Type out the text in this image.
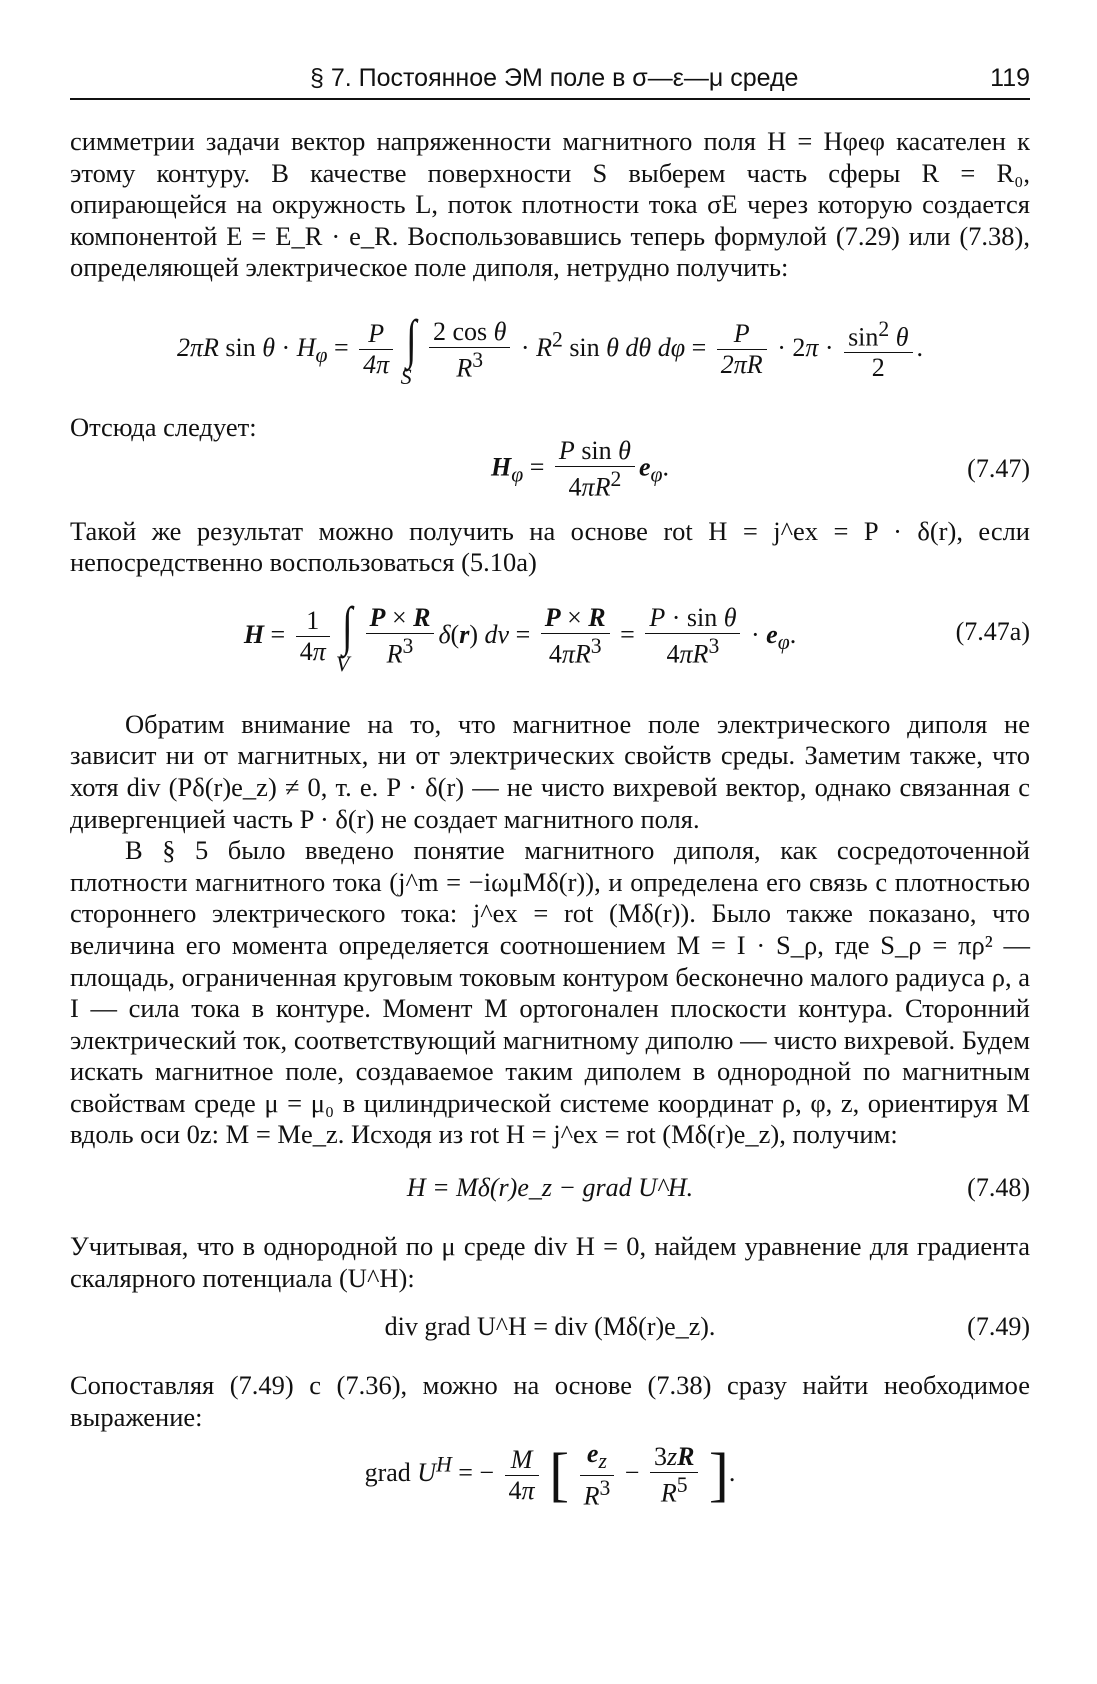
§ 7. Постоянное ЭМ поле в σ—ε—μ среде	119

симметрии задачи вектор напряженности магнитного поля H = Hφeφ касателен к этому контуру. В качестве поверхности S выберем часть сферы R = R₀, опирающейся на окружность L, поток плотности тока σE через которую создается компонентой E = E_R · e_R. Воспользовавшись теперь формулой (7.29) или (7.38), определяющей электрическое поле диполя, нетрудно получить:

2πR $\sin \theta \cdot H_\varphi = \frac{P}{4\pi}$
∫
S
$\frac{\text{2 cos θ}}{R^3} \cdot R^2$ sin θ dθ $d\varphi = \frac{P}{2\pi R} \cdot 2\pi \cdot \frac{\sin^2 \theta}{2}$ .

Отсюда следует:

$H_\varphi = \frac{\text{P sin θ}}{4\pi R^2} e_\varphi$.	(7.47)

Такой же результат можно получить на основе rot H = j^ex = P · δ(r), если непосредственно воспользоваться (5.10а)

$H = \frac{1}{4\pi}$
∫
V
$\frac{P \times R}{R^3} \delta(r)$ dv = $\frac{P \times R}{4\pi R^3} = \frac{\text{P · sin θ}}{4\pi R^3} \cdot e_\varphi$.	(7.47a)

Обратим внимание на то, что магнитное поле электрического диполя не зависит ни от магнитных, ни от электрических свойств среды. Заметим также, что хотя div (Pδ(r)e_z) ≠ 0, т. е. P · δ(r) — не чисто вихревой вектор, однако связанная с дивергенцией часть P · δ(r) не создает магнитного поля.

В § 5 было введено понятие магнитного диполя, как сосредоточенной плотности магнитного тока (j^m = −iωμMδ(r)), и определена его связь с плотностью стороннего электрического тока: j^ex = rot (Mδ(r)). Было также показано, что величина его момента определяется соотношением M = I · S_ρ, где S_ρ = πρ² — площадь, ограниченная круговым токовым контуром бесконечно малого радиуса ρ, а I — сила тока в контуре. Момент M ортогонален плоскости контура. Сторонний электрический ток, соответствующий магнитному диполю — чисто вихревой. Будем искать магнитное поле, создаваемое таким диполем в однородной по магнитным свойствам среде μ = μ₀ в цилиндрической системе координат ρ, φ, z, ориентируя M вдоль оси 0z: M = Me_z. Исходя из rot H = j^ex = rot (Mδ(r)e_z), получим:

H = Mδ(r)e_z − grad U^H.	(7.48)

Учитывая, что в однородной по μ среде div H = 0, найдем уравнение для градиента скалярного потенциала (U^H):

div grad U^H = div (Mδ(r)e_z).	(7.49)

Сопоставляя (7.49) с (7.36), можно на основе (7.38) сразу найти необходимое выражение:

grad $U^H$ = − $\frac{M}{4\pi}$ [ $\frac{e_z}{R^3} - \frac{3zR}{R^5}$ ].
